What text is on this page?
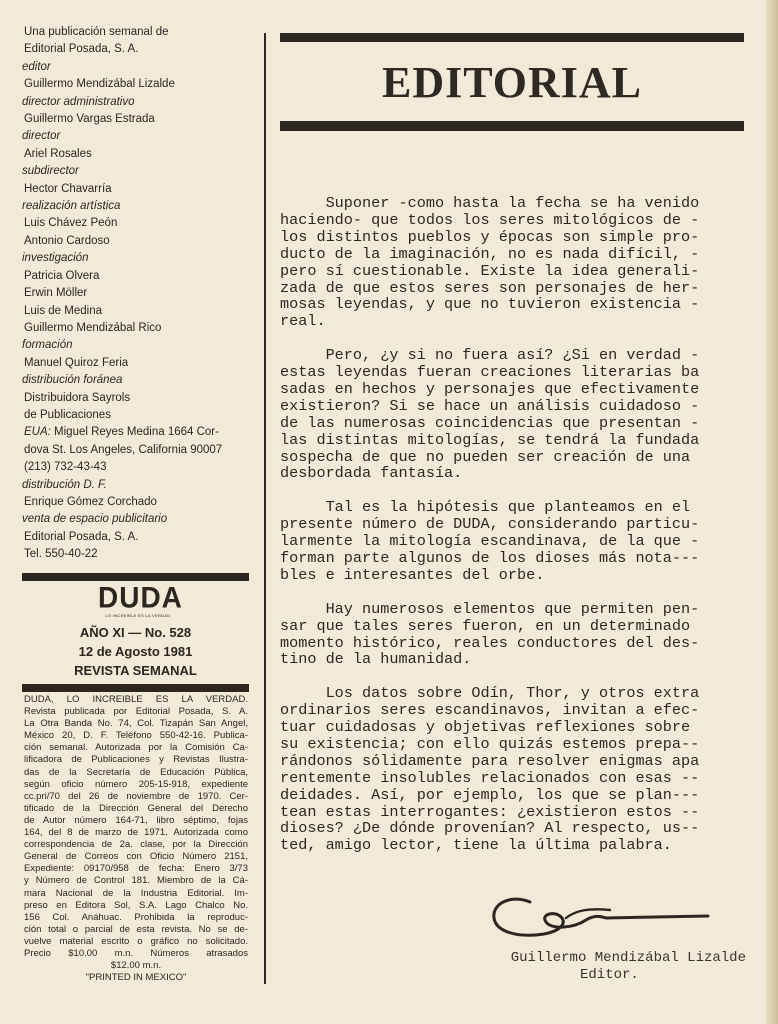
Una publicación semanal de
Editorial Posada, S. A.
editor
Guillermo Mendizábal Lizalde
director administrativo
Guillermo Vargas Estrada
director
Ariel Rosales
subdirector
Hector Chavarría
realización artística
Luis Chávez Peón
Antonio Cardoso
investigación
Patricia Olvera
Erwin Möller
Luis de Medina
Guillermo Mendizábal Rico
formación
Manuel Quiroz Feria
distribución foránea
Distribuidora Sayrols
de Publicaciones
EUA: Miguel Reyes Medina 1664 Cor-
dova St. Los Angeles, California 90007
(213) 732-43-43
distribución D. F.
Enrique Gómez Corchado
venta de espacio publicitario
Editorial Posada, S. A.
Tel. 550-40-22
DUDA
LO INCREIBLE ES LA VERDAD
AÑO XI — No. 528
12 de Agosto 1981
REVISTA SEMANAL
DUDA, LO INCREIBLE ES LA VERDAD.
Revista publicada por Editorial Posada, S. A.
La Otra Banda No. 74, Col. Tizapán San Angel,
México 20, D. F. Teléfono 550-42-16. Publica-
ción semanal. Autorizada por la Comisión Ca-
lificadora de Publicaciones y Revistas Ilustra-
das de la Secretaría de Educación Pública,
según oficio número 205-15-918, expediente
cc.pri/70 del 26 de noviembre de 1970. Cer-
tificado de la Dirección General del Derecho
de Autor número 164-71, libro séptimo, fojas
164, del 8 de marzo de 1971. Autorizada como
correspondencia de 2a. clase, por la Dirección
General de Correos con Oficio Número 2151,
Expediente: 09170/958 de fecha: Enero 3/73
y Número de Control 181. Miembro de la Cá-
mara Nacional de la Industria Editorial. Im-
preso en Editora Sol, S.A. Lago Chalco No.
156 Col. Anáhuac. Prohibida la reproduc-
ción total o parcial de esta revista. No se de-
vuelve material escrito o gráfico no solicitado.
Precio $10.00 m.n. Números atrasados
$12.00 m.n.
"PRINTED IN MEXICO"
EDITORIAL
Suponer -como hasta la fecha se ha venido
haciendo- que todos los seres mitológicos de -
los distintos pueblos y épocas son simple pro-
ducto de la imaginación, no es nada difícil, -
pero sí cuestionable. Existe la idea generali-
zada de que estos seres son personajes de her-
mosas leyendas, y que no tuvieron existencia -
real.
Pero, ¿y si no fuera así? ¿Si en verdad -
estas leyendas fueran creaciones literarias ba
sadas en hechos y personajes que efectivamente
existieron? Si se hace un análisis cuidadoso -
de las numerosas coincidencias que presentan -
las distintas mitologías, se tendrá la fundada
sospecha de que no pueden ser creación de una
desbordada fantasía.
Tal es la hipótesis que planteamos en el
presente número de DUDA, considerando particu-
larmente la mitología escandinava, de la que -
forman parte algunos de los dioses más nota---
bles e interesantes del orbe.
Hay numerosos elementos que permiten pen-
sar que tales seres fueron, en un determinado
momento histórico, reales conductores del des-
tino de la humanidad.
Los datos sobre Odín, Thor, y otros extra
ordinarios seres escandinavos, invitan a efec-
tuar cuidadosas y objetivas reflexiones sobre
su existencia; con ello quizás estemos prepa--
rándonos sólidamente para resolver enigmas apa
rentemente insolubles relacionados con esas --
deidades. Así, por ejemplo, los que se plan---
tean estas interrogantes: ¿existieron estos --
dioses? ¿De dónde provenían? Al respecto, us--
ted, amigo lector, tiene la última palabra.
Guillermo Mendizábal Lizalde
Editor.
